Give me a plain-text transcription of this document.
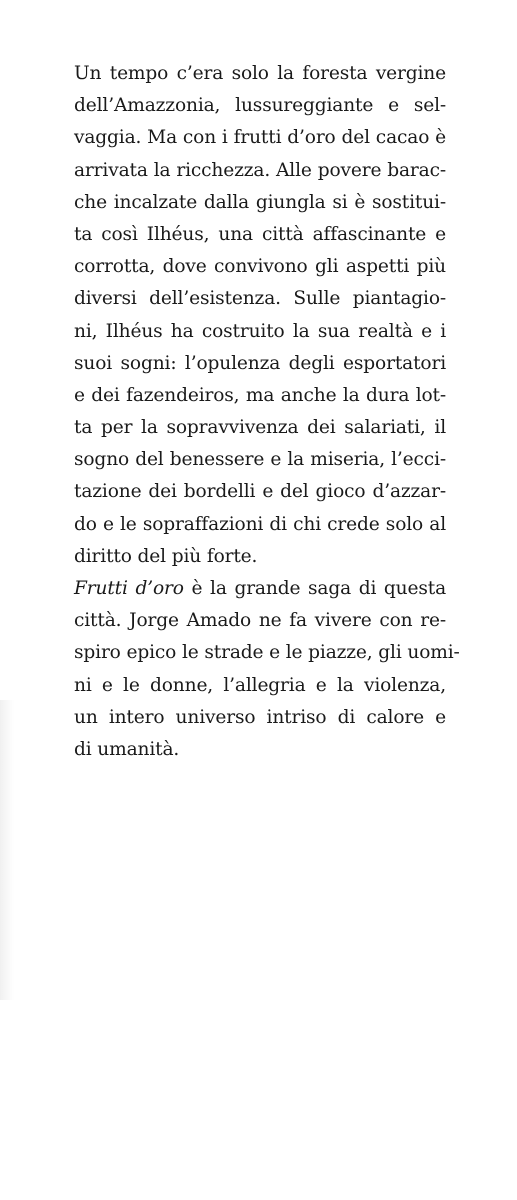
Un tempo c’era solo la foresta vergine
dell’Amazzonia, lussureggiante e sel-
vaggia. Ma con i frutti d’oro del cacao è
arrivata la ricchezza. Alle povere barac-
che incalzate dalla giungla si è sostitui-
ta così Ilhéus, una città affascinante e
corrotta, dove convivono gli aspetti più
diversi dell’esistenza. Sulle piantagio-
ni, Ilhéus ha costruito la sua realtà e i
suoi sogni: l’opulenza degli esportatori
e dei fazendeiros, ma anche la dura lot-
ta per la sopravvivenza dei salariati, il
sogno del benessere e la miseria, l’ecci-
tazione dei bordelli e del gioco d’azzar-
do e le sopraffazioni di chi crede solo al
diritto del più forte.
Frutti d’oro è la grande saga di questa
città. Jorge Amado ne fa vivere con re-
spiro epico le strade e le piazze, gli uomi-
ni e le donne, l’allegria e la violenza,
un intero universo intriso di calore e
di umanità.
